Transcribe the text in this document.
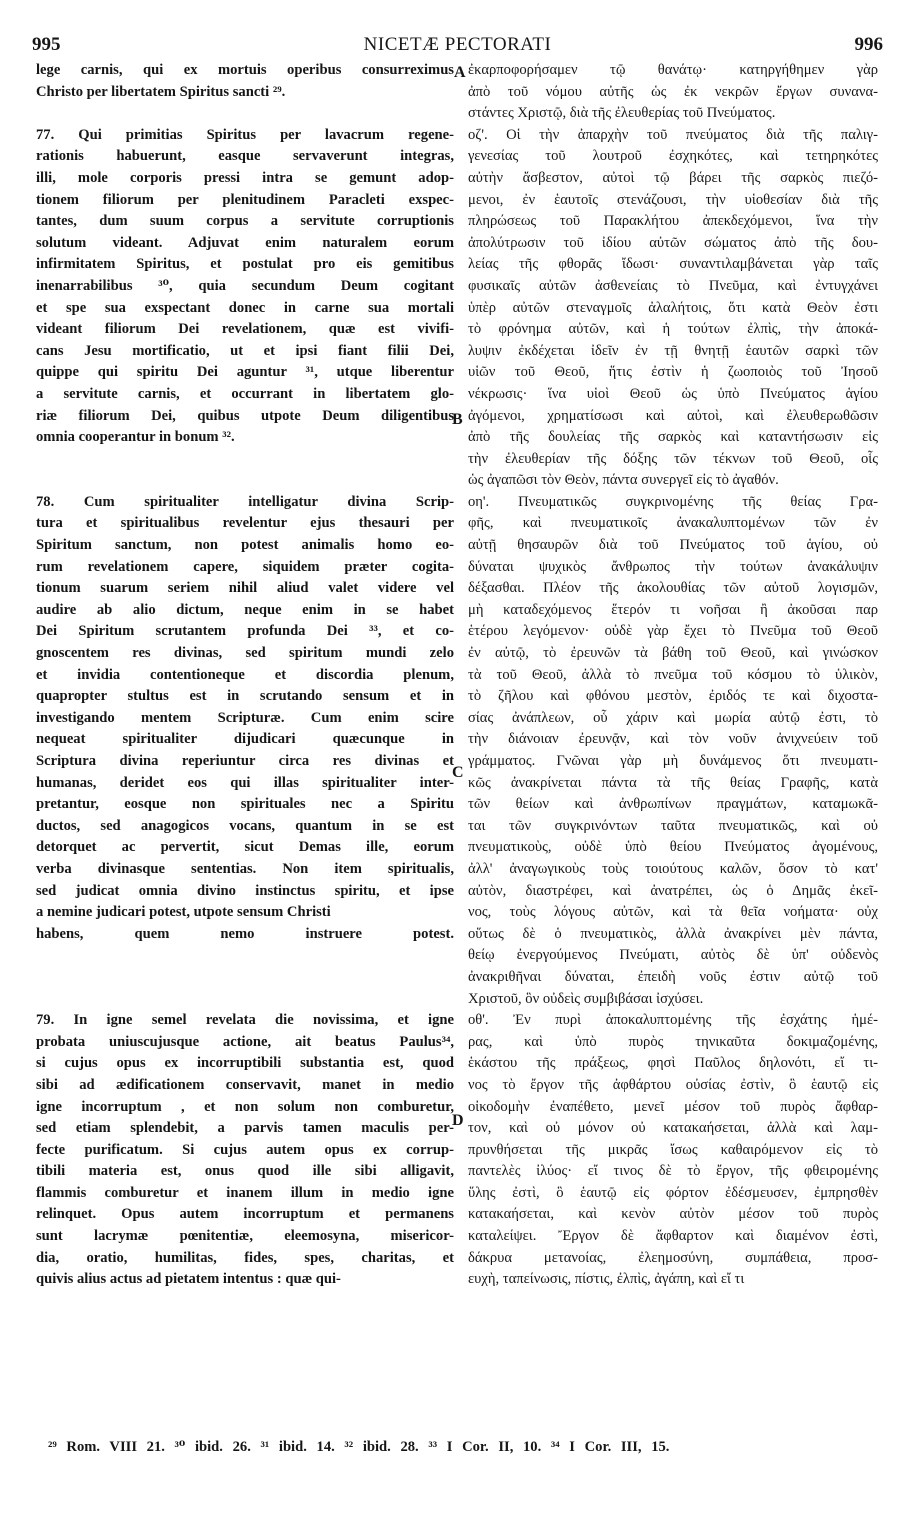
995	NICETÆ PECTORATI	996
lege carnis, qui ex mortuis operibus consurreximus
Christo per libertatem Spiritus sancti ²⁹.
77. Qui primitias Spiritus per lavacrum regene-
rationis habuerunt, easque servaverunt integras,
illi, mole corporis pressi intra se gemunt adop-
tionem filiorum per plenitudinem Paracleti exspec-
tantes, dum suum corpus a servitute corruptionis
solutum videant. Adjuvat enim naturalem eorum
infirmitatem Spiritus, et postulat pro eis gemitibus
inenarrabilibus ³⁰, quia secundum Deum cogitant
et spe sua exspectant donec in carne sua mortali
videant filiorum Dei revelationem, quæ est vivifi-
cans Jesu mortificatio, ut et ipsi fiant filii Dei,
quippe qui spiritu Dei aguntur ³¹, utque liberentur
a servitute carnis, et occurrant in libertatem glo-
riæ filiorum Dei, quibus utpote Deum diligentibus
omnia cooperantur in bonum ³².
78. Cum spiritualiter intelligatur divina Scrip-
tura et spiritualibus revelentur ejus thesauri per
Spiritum sanctum, non potest animalis homo eo-
rum revelationem capere, siquidem præter cogita-
tionum suarum seriem nihil aliud valet videre vel
audire ab alio dictum, neque enim in se habet
Dei Spiritum scrutantem profunda Dei ³³, et co-
gnoscentem res divinas, sed spiritum mundi zelo
et invidia contentioneque et discordia plenum,
quapropter stultus est in scrutando sensum et in
investigando mentem Scripturæ. Cum enim scire
nequeat spiritualiter dijudicari quæcunque in
Scriptura divina reperiuntur circa res divinas et
humanas, deridet eos qui illas spiritualiter inter-
pretantur, eosque non spirituales nec a Spiritu
ductos, sed anagogicos vocans, quantum in se est
detorquet ac pervertit, sicut Demas ille, eorum
verba divinasque sententias. Non item spiritualis,
sed judicat omnia divino instinctus spiritu, et ipse
a nemine judicari potest, utpote sensum Christi
habens, quem nemo instruere potest.
79. In igne semel revelata die novissima, et igne
probata uniuscujusque actione, ait beatus Paulus³⁴,
si cujus opus ex incorruptibili substantia est, quod
sibi ad ædificationem conservavit, manet in medio
igne incorruptum , et non solum non comburetur,
sed etiam splendebit, a parvis tamen maculis per-
fecte purificatum. Si cujus autem opus ex corrup-
tibili materia est, onus quod ille sibi alligavit,
flammis comburetur et inanem illum in medio igne
relinquet. Opus autem incorruptum et permanens
sunt lacrymæ pœnitentiæ, eleemosyna, misericor-
dia, oratio, humilitas, fides, spes, charitas, et
quivis alius actus ad pietatem intentus : quæ qui-
ἐκαρποφορήσαμεν τῷ θανάτῳ· κατηργήθημεν γὰρ
ἀπὸ τοῦ νόμου αὐτῆς ὡς ἐκ νεκρῶν ἔργων συνανα-
στάντες Χριστῷ, διὰ τῆς ἐλευθερίας τοῦ Πνεύματος.
οζ'. Οἱ τὴν ἀπαρχὴν τοῦ πνεύματος διὰ τῆς παλιγ-
γενεσίας τοῦ λουτροῦ ἐσχηκότες, καὶ τετηρηκότες
αὐτὴν ἄσβεστον, αὐτοὶ τῷ βάρει τῆς σαρκὸς πιεζό-
μενοι, ἐν ἑαυτοῖς στενάζουσι, τὴν υἱοθεσίαν διὰ τῆς
πληρώσεως τοῦ Παρακλήτου ἀπεκδεχόμενοι, ἵνα τὴν
ἀπολύτρωσιν τοῦ ἰδίου αὐτῶν σώματος ἀπὸ τῆς δου-
λείας τῆς φθορᾶς ἴδωσι· συναντιλαμβάνεται γὰρ ταῖς
φυσικαῖς αὐτῶν ἀσθενείαις τὸ Πνεῦμα, καὶ ἐντυγχάνει
ὑπὲρ αὐτῶν στεναγμοῖς ἀλαλήτοις, ὅτι κατὰ Θεὸν ἐστι
τὸ φρόνημα αὐτῶν, καὶ ἡ τούτων ἐλπὶς, τὴν ἀποκά-
λυψιν ἐκδέχεται ἰδεῖν ἐν τῇ θνητῇ ἑαυτῶν σαρκὶ τῶν
υἱῶν τοῦ Θεοῦ, ἥτις ἐστὶν ἡ ζωοποιὸς τοῦ Ἰησοῦ
νέκρωσις· ἵνα υἱοὶ Θεοῦ ὡς ὑπὸ Πνεύματος ἁγίου
ἀγόμενοι, χρηματίσωσι καὶ αὐτοὶ, καὶ ἐλευθερωθῶσιν
ἀπὸ τῆς δουλείας τῆς σαρκὸς καὶ καταντήσωσιν εἰς
τὴν ἐλευθερίαν τῆς δόξης τῶν τέκνων τοῦ Θεοῦ, οἷς
ὡς ἀγαπῶσι τὸν Θεὸν, πάντα συνεργεῖ εἰς τὸ ἀγαθόν.
οη'. Πνευματικῶς συγκρινομένης τῆς θείας Γρα-
φῆς, καὶ πνευματικοῖς ἀνακαλυπτομένων τῶν ἐν
αὐτῇ θησαυρῶν διὰ τοῦ Πνεύματος τοῦ ἁγίου, οὐ
δύναται ψυχικὸς ἄνθρωπος τὴν τούτων ἀνακάλυψιν
δέξασθαι. Πλέον τῆς ἀκολουθίας τῶν αὐτοῦ λογισμῶν,
μὴ καταδεχόμενος ἕτερόν τι νοῆσαι ἢ ἀκοῦσαι παρ
ἑτέρου λεγόμενον· οὐδὲ γὰρ ἔχει τὸ Πνεῦμα τοῦ Θεοῦ
ἐν αὐτῷ, τὸ ἐρευνῶν τὰ βάθη τοῦ Θεοῦ, καὶ γινώσκον
τὰ τοῦ Θεοῦ, ἀλλὰ τὸ πνεῦμα τοῦ κόσμου τὸ ὑλικὸν,
τὸ ζῆλου καὶ φθόνου μεστὸν, ἐριδός τε καὶ διχοστα-
σίας ἀνάπλεων, οὗ χάριν καὶ μωρία αὐτῷ ἐστι, τὸ
τὴν διάνοιαν ἐρευνᾷν, καὶ τὸν νοῦν ἀνιχνεύειν τοῦ
γράμματος. Γνῶναι γὰρ μὴ δυνάμενος ὅτι πνευματι-
κῶς ἀνακρίνεται πάντα τὰ τῆς θείας Γραφῆς, κατὰ
τῶν θείων καὶ ἀνθρωπίνων πραγμάτων, καταμωκᾶ-
ται τῶν συγκρινόντων ταῦτα πνευματικῶς, καὶ οὐ
πνευματικοὺς, οὐδὲ ὑπὸ θείου Πνεύματος ἀγομένους,
ἀλλ' ἀναγωγικοὺς τοὺς τοιούτους καλῶν, ὅσον τὸ κατ'
αὐτὸν, διαστρέφει, καὶ ἀνατρέπει, ὡς ὁ Δημᾶς ἐκεῖ-
νος, τοὺς λόγους αὐτῶν, καὶ τὰ θεῖα νοήματα· οὐχ
οὕτως δὲ ὁ πνευματικὸς, ἀλλὰ ἀνακρίνει μὲν πάντα,
θείῳ ἐνεργούμενος Πνεύματι, αὐτὸς δὲ ὑπ' οὐδενὸς
ἀνακριθῆναι δύναται, ἐπειδὴ νοῦς ἐστιν αὐτῷ τοῦ
Χριστοῦ, ὃν οὐδεὶς συμβιβάσαι ἰσχύσει.
οθ'. Ἐν πυρὶ ἀποκαλυπτομένης τῆς ἐσχάτης ἡμέ-
ρας, καὶ ὑπὸ πυρὸς τηνικαῦτα δοκιμαζομένης,
ἑκάστου τῆς πράξεως, φησὶ Παῦλος δηλονότι, εἴ τι-
νος τὸ ἔργον τῆς ἀφθάρτου οὐσίας ἐστὶν, ὃ ἑαυτῷ εἰς
οἰκοδομὴν ἐναπέθετο, μενεῖ μέσον τοῦ πυρὸς ἄφθαρ-
τον, καὶ οὐ μόνον οὐ κατακαήσεται, ἀλλὰ καὶ λαμ-
πρυνθήσεται τῆς μικρᾶς ἴσως καθαιρόμενον εἰς τὸ
παντελὲς ἰλύος· εἴ τινος δὲ τὸ ἔργον, τῆς φθειρομένης
ὕλης ἐστὶ, ὃ ἑαυτῷ εἰς φόρτον ἐδέσμευσεν, ἐμπρησθὲν
κατακαήσεται, καὶ κενὸν αὐτὸν μέσον τοῦ πυρὸς
καταλείψει. Ἔργον δὲ ἄφθαρτον καὶ διαμένον ἐστὶ,
δάκρυα μετανοίας, ἐλεημοσύνη, συμπάθεια, προσ-
ευχὴ, ταπείνωσις, πίστις, ἐλπὶς, ἀγάπη, καὶ εἴ τι
A
B
C
D
²⁹ Rom. VIII 21. ³⁰ ibid. 26. ³¹ ibid. 14. ³² ibid. 28. ³³ I Cor. II, 10. ³⁴ I Cor. III, 15.
